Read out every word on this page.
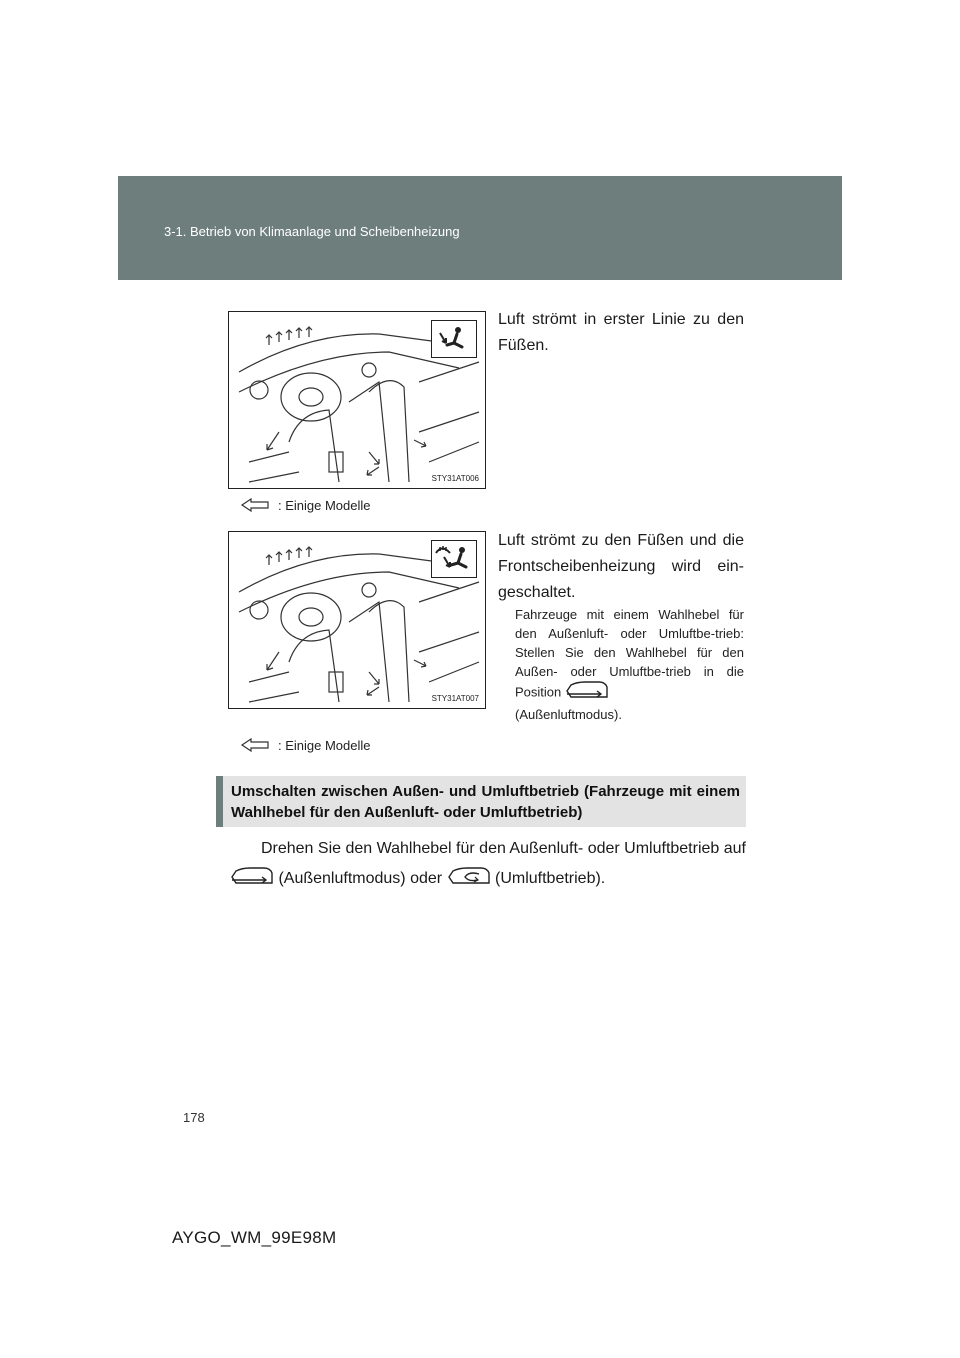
3-1. Betrieb von Klimaanlage und Scheibenheizung
STY31AT006
: Einige Modelle
Luft strömt in erster Linie zu den Füßen.
STY31AT007
: Einige Modelle
Luft strömt zu den Füßen und die Frontscheibenheizung wird ein-geschaltet.
Fahrzeuge mit einem Wahlhebel für den Außenluft- oder Umluftbe-trieb: Stellen Sie den Wahlhebel für den Außen- oder Umluftbe-trieb in die Position
(Außenluftmodus).
Umschalten zwischen Außen- und Umluftbetrieb (Fahrzeuge mit einem Wahlhebel für den Außenluft- oder Umluftbetrieb)
Drehen Sie den Wahlhebel für den Außenluft- oder Umluftbetrieb auf
(Außenluftmodus) oder	(Umluftbetrieb).
178
AYGO_WM_99E98M
